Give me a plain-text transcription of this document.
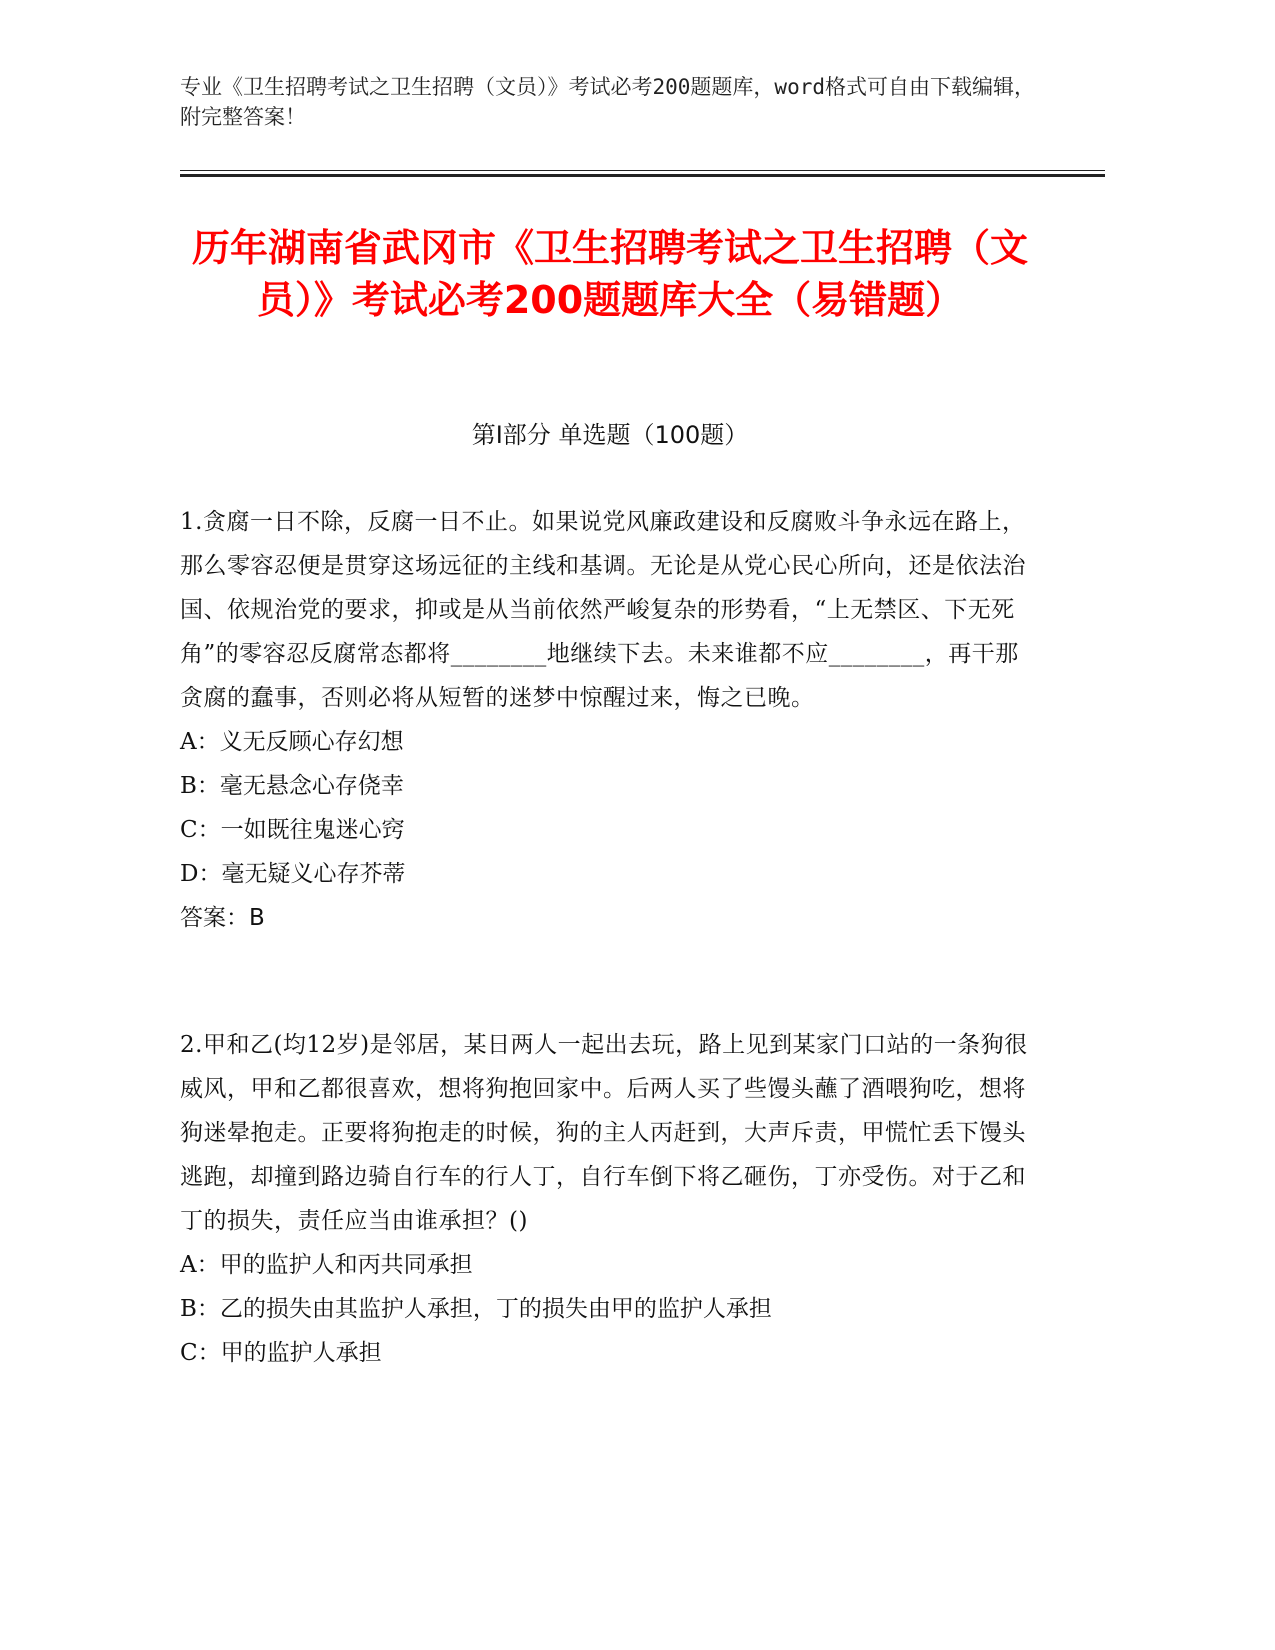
专业《卫生招聘考试之卫生招聘（文员）》考试必考200题题库，word格式可自由下载编辑，附完整答案！
历年湖南省武冈市《卫生招聘考试之卫生招聘（文员）》考试必考200题题库大全（易错题）
第Ⅰ部分 单选题（100题）
1.贪腐一日不除，反腐一日不止。如果说党风廉政建设和反腐败斗争永远在路上，那么零容忍便是贯穿这场远征的主线和基调。无论是从党心民心所向，还是依法治国、依规治党的要求，抑或是从当前依然严峻复杂的形势看，“上无禁区、下无死角”的零容忍反腐常态都将________地继续下去。未来谁都不应________，再干那贪腐的蠢事，否则必将从短暂的迷梦中惊醒过来，悔之已晚。
A：义无反顾心存幻想
B：毫无悬念心存侥幸
C：一如既往鬼迷心窍
D：毫无疑义心存芥蒂
答案：B
2.甲和乙(均12岁)是邻居，某日两人一起出去玩，路上见到某家门口站的一条狗很威风，甲和乙都很喜欢，想将狗抱回家中。后两人买了些馒头蘸了酒喂狗吃，想将狗迷晕抱走。正要将狗抱走的时候，狗的主人丙赶到，大声斥责，甲慌忙丢下馒头逃跑，却撞到路边骑自行车的行人丁，自行车倒下将乙砸伤，丁亦受伤。对于乙和丁的损失，责任应当由谁承担？()
A：甲的监护人和丙共同承担
B：乙的损失由其监护人承担，丁的损失由甲的监护人承担
C：甲的监护人承担
